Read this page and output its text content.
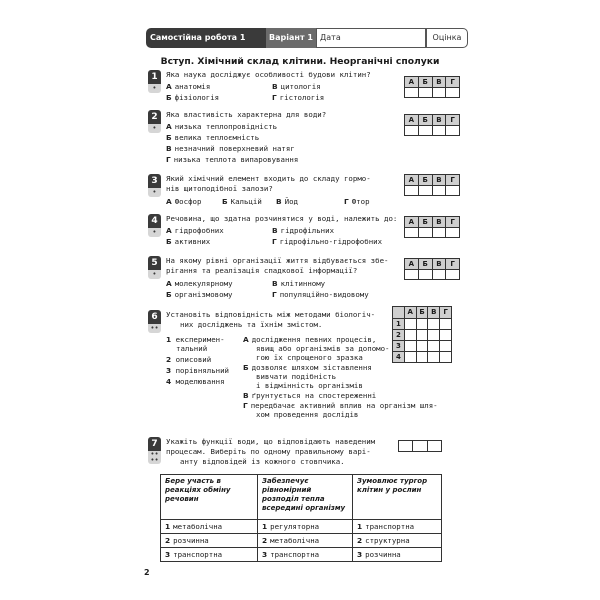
Самостійна робота 1	Варіант 1 Дата	Оцінка
Вступ. Хімічний склад клітини. Неорганічні сполуки
1
•
Яка наука досліджує особливості будови клітин?
А анатомія
Б фізіологія
В цитологія
Г гістологія
А	Б	В	Г
2
•
Яка властивість характерна для води?
А низька теплопровідність
Б велика теплоємність
В незначний поверхневий натяг
Г низька теплота випаровування
А	Б	В	Г
3
•
Який хімічний елемент входить до складу гормо-
нів щитоподібної залози?
А Фосфор	Б Кальцій В Йод	Г Фтор
А	Б	В	Г
4
•
Речовина, що здатна розчинятися у воді, належить до:
А гідрофобних
Б активних
В гідрофільних
Г гідрофільно-гідрофобних
А	Б	В	Г
5
•
На якому рівні організації життя відбувається збе-
рігання та реалізація спадкової інформації?
А молекулярному
Б організмовому
В клітинному
Г популяційно-видовому
А	Б	В	Г
6
••
Установіть відповідність між методами біологіч-
них досліджень та їхнім змістом.
1 експеримен-
тальний
2 описовий
3 порівняльний
4 моделювання
А дослідження певних процесів,
явищ або організмів за допомо-
гою їх спрощеного зразка
Б дозволяє шляхом зіставлення
вивчати подібність
і відмінність організмів
В ґрунтується на спостереженні
Г передбачає активний вплив на організм шля-
хом проведення дослідів
А Б В Г
1
2
3
4
7
••
••
Укажіть функції води, що відповідають наведеним
процесам. Виберіть по одному правильному варі-
анту відповідей із кожного стовпчика.
Бере участь в реакціях обміну речовин	Забезпечує рівномірний розподіл тепла всередині організму	Зумовлює тургор клітин у рослин
1 метаболічна	1 регуляторна	1 транспортна
2 розчинна	2 метаболічна	2 структурна
3 транспортна	3 транспортна	3 розчинна
2
